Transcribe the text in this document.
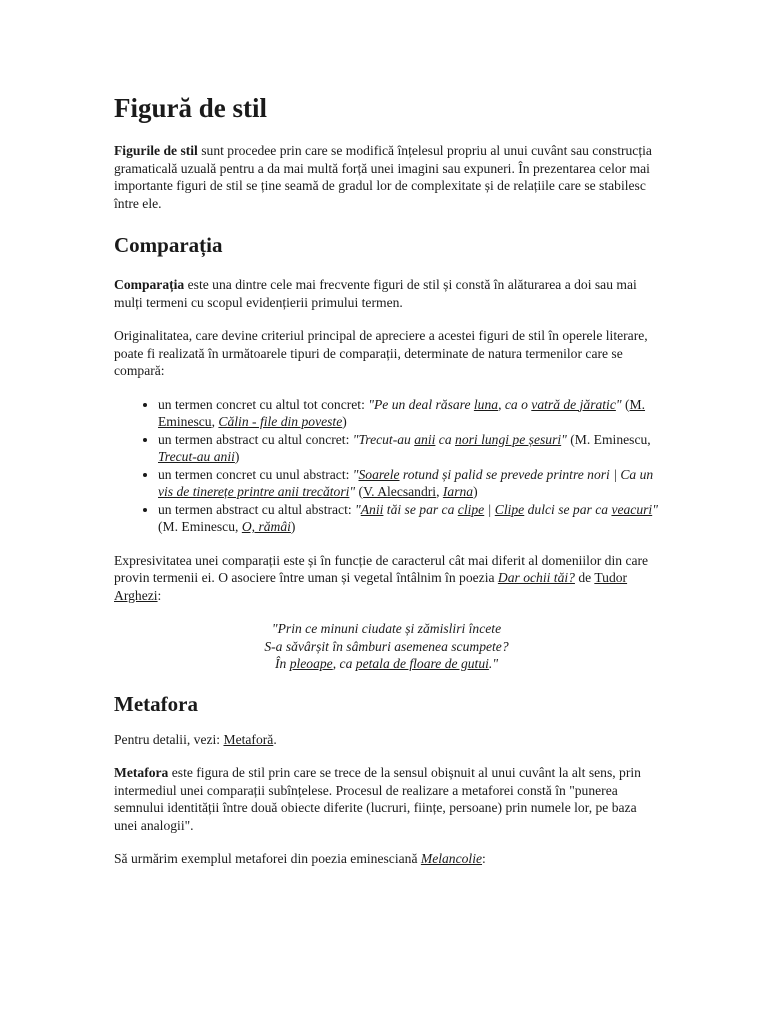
Figură de stil

Figurile de stil sunt procedee prin care se modifică înțelesul propriu al unui cuvânt sau construcția gramaticală uzuală pentru a da mai multă forță unei imagini sau expuneri. În prezentarea celor mai importante figuri de stil se ține seamă de gradul lor de complexitate și de relațiile care se stabilesc între ele.

Comparația

Comparația este una dintre cele mai frecvente figuri de stil și constă în alăturarea a doi sau mai mulți termeni cu scopul evidențierii primului termen.

Originalitatea, care devine criteriul principal de apreciere a acestei figuri de stil în operele literare, poate fi realizată în următoarele tipuri de comparații, determinate de natura termenilor care se compară:

• un termen concret cu altul tot concret: "Pe un deal răsare luna, ca o vatră de jăratic" (M. Eminescu, Călin - file din poveste)
• un termen abstract cu altul concret: "Trecut-au anii ca nori lungi pe șesuri" (M. Eminescu, Trecut-au anii)
• un termen concret cu unul abstract: "Soarele rotund și palid se prevede printre nori | Ca un vis de tinerețe printre anii trecători" (V. Alecsandri, Iarna)
• un termen abstract cu altul abstract: "Anii tăi se par ca clipe | Clipe dulci se par ca veacuri" (M. Eminescu, O, rămâi)

Expresivitatea unei comparații este și în funcție de caracterul cât mai diferit al domeniilor din care provin termenii ei. O asociere între uman și vegetal întâlnim în poezia Dar ochii tăi? de Tudor Arghezi:

"Prin ce minuni ciudate și zămisliri încete
S-a săvârșit în sâmburi asemenea scumpete?
În pleoape, ca petala de floare de gutui."
Metafora

Pentru detalii, vezi: Metaforă.

Metafora este figura de stil prin care se trece de la sensul obișnuit al unui cuvânt la alt sens, prin intermediul unei comparații subînțelese. Procesul de realizare a metaforei constă în "punerea semnului identității între două obiecte diferite (lucruri, ființe, persoane) prin numele lor, pe baza unei analogii".

Să urmărim exemplul metaforei din poezia eminesciană Melancolie:
